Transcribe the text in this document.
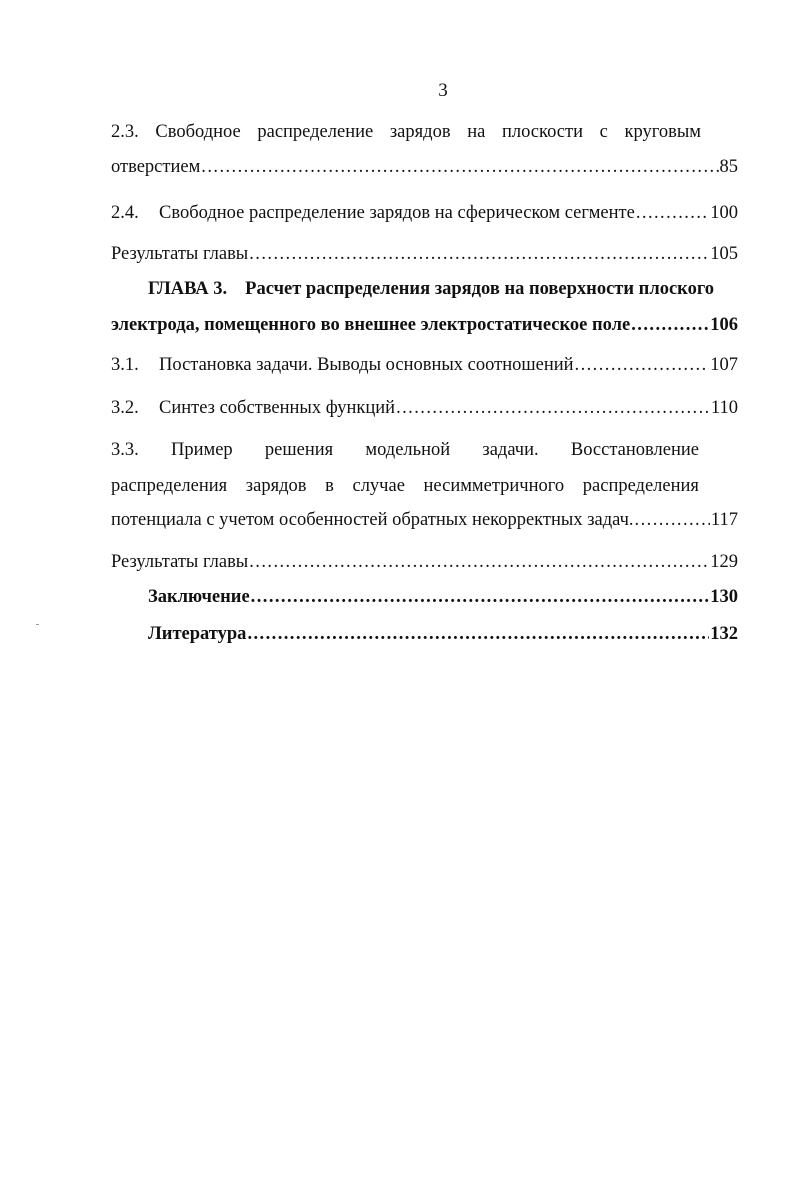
3
2.3. Свободное распределение зарядов на плоскости с круговым
отверстием . . .	85
2.4. Свободное распределение зарядов на сферическом сегменте . . .	100
Результаты главы . . .	105
ГЛАВА 3. Расчет распределения зарядов на поверхности плоского
электрода, помещенного во внешнее электростатическое поле . . .	106
3.1. Постановка задачи. Выводы основных соотношений . . .	107
3.2. Синтез собственных функций . . .	110
3.3. Пример решения модельной задачи. Восстановление
распределения зарядов в случае несимметричного распределения
потенциала с учетом особенностей обратных некорректных задач. . . .	117
Результаты главы . . .	129
Заключение . . .	130
Литература . . .	132
